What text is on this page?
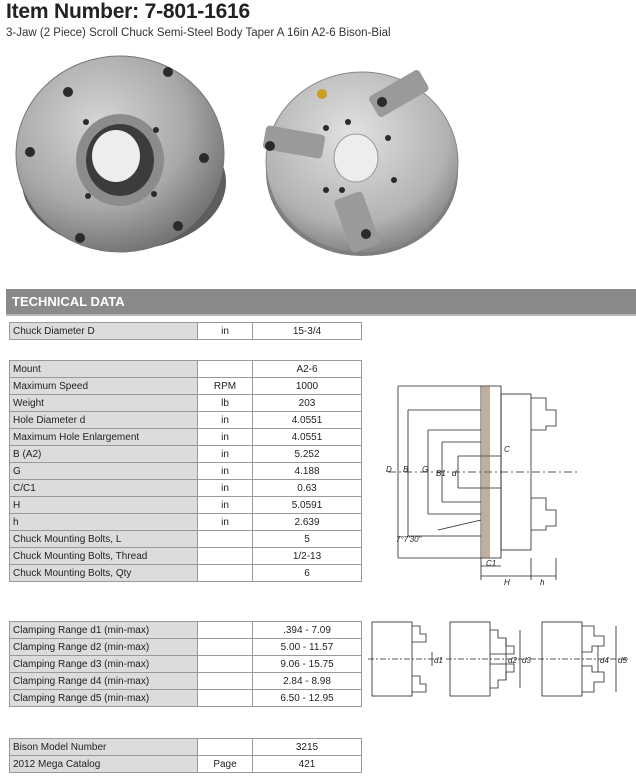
Item Number: 7-801-1616
3-Jaw (2 Piece) Scroll Chuck Semi-Steel Body Taper A 16in A2-6 Bison-Bial
TECHNICAL DATA
Chuck Diameter D	in	15-3/4
Mount		A2-6
Maximum Speed	RPM	1000
Weight	lb	203
Hole Diameter d	in	4.0551
Maximum Hole Enlargement	in	4.0551
B (A2)	in	5.252
G	in	4.188
C/C1	in	0.63
H	in	5.0591
h	in	2.639
Chuck Mounting Bolts, L		5
Chuck Mounting Bolts, Thread		1/2-13
Chuck Mounting Bolts, Qty		6
D B G B1 d
C
C1
H	h
7°7'30"
Clamping Range d1 (min-max)		.394 - 7.09
Clamping Range d2 (min-max)		5.00 - 11.57
Clamping Range d3 (min-max)		9.06 - 15.75
Clamping Range d4 (min-max)		2.84 - 8.98
Clamping Range d5 (min-max)		6.50 - 12.95
d1	d2 d3	d4 d5
Bison Model Number		3215
2012 Mega Catalog	Page	421
